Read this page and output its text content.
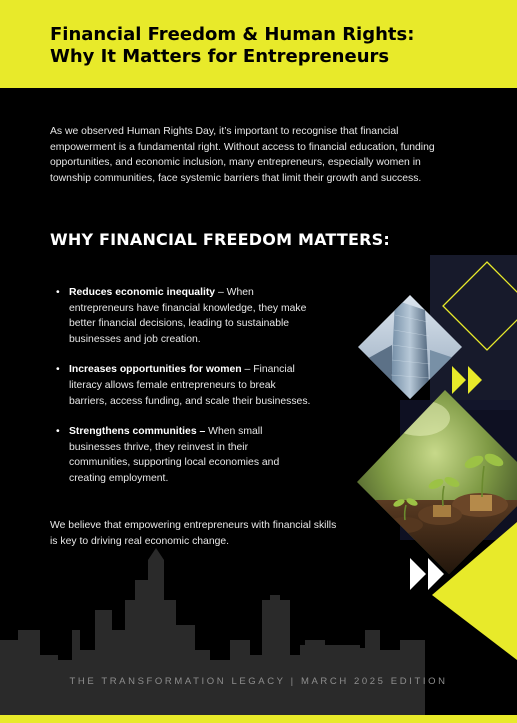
Financial Freedom & Human Rights:
Why It Matters for Entrepreneurs

As we observed Human Rights Day, it’s important to recognise that financial empowerment is a fundamental right. Without access to financial education, funding opportunities, and economic inclusion, many entrepreneurs, especially women in township communities, face systemic barriers that limit their growth and success.

WHY FINANCIAL FREEDOM MATTERS:
• Reduces economic inequality – When entrepreneurs have financial knowledge, they make better financial decisions, leading to sustainable businesses and job creation.
• Increases opportunities for women – Financial literacy allows female entrepreneurs to break barriers, access funding, and scale their businesses.
• Strengthens communities – When small businesses thrive, they reinvest in their communities, supporting local economies and creating employment.

We believe that empowering entrepreneurs with financial skills is key to driving real economic change.

THE TRANSFORMATION LEGACY | MARCH 2025 EDITION
